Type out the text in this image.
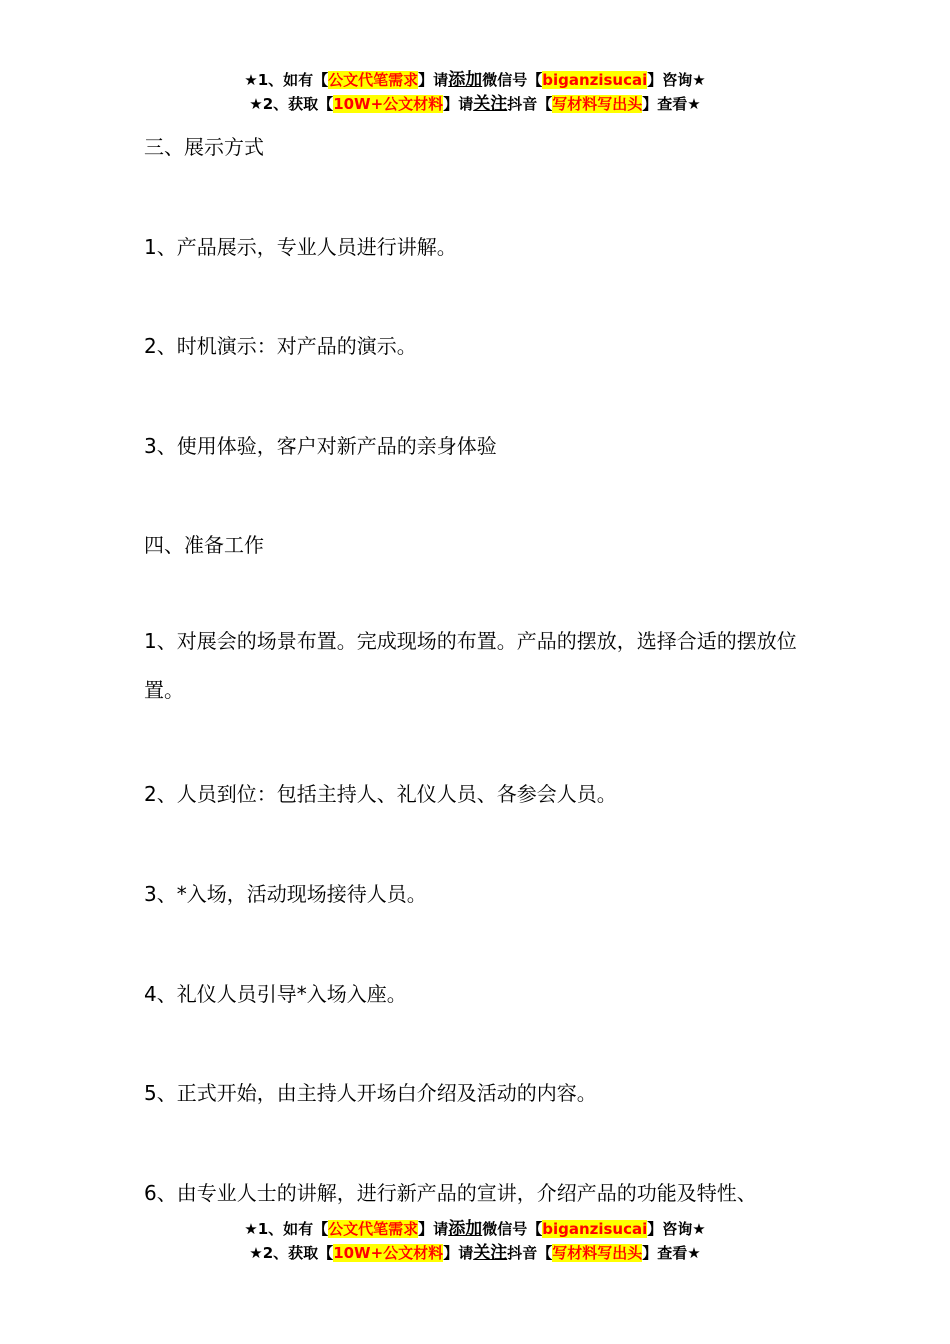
★1、如有【公文代笔需求】请添加微信号【biganzisucai】咨询★
★2、获取【10W+公文材料】请关注抖音【写材料写出头】查看★
三、展示方式
1、产品展示，专业人员进行讲解。
2、时机演示：对产品的演示。
3、使用体验，客户对新产品的亲身体验
四、准备工作
1、对展会的场景布置。完成现场的布置。产品的摆放，选择合适的摆放位置。
2、人员到位：包括主持人、礼仪人员、各参会人员。
3、*入场，活动现场接待人员。
4、礼仪人员引导*入场入座。
5、正式开始，由主持人开场白介绍及活动的内容。
6、由专业人士的讲解，进行新产品的宣讲，介绍产品的功能及特性、
★1、如有【公文代笔需求】请添加微信号【biganzisucai】咨询★
★2、获取【10W+公文材料】请关注抖音【写材料写出头】查看★
